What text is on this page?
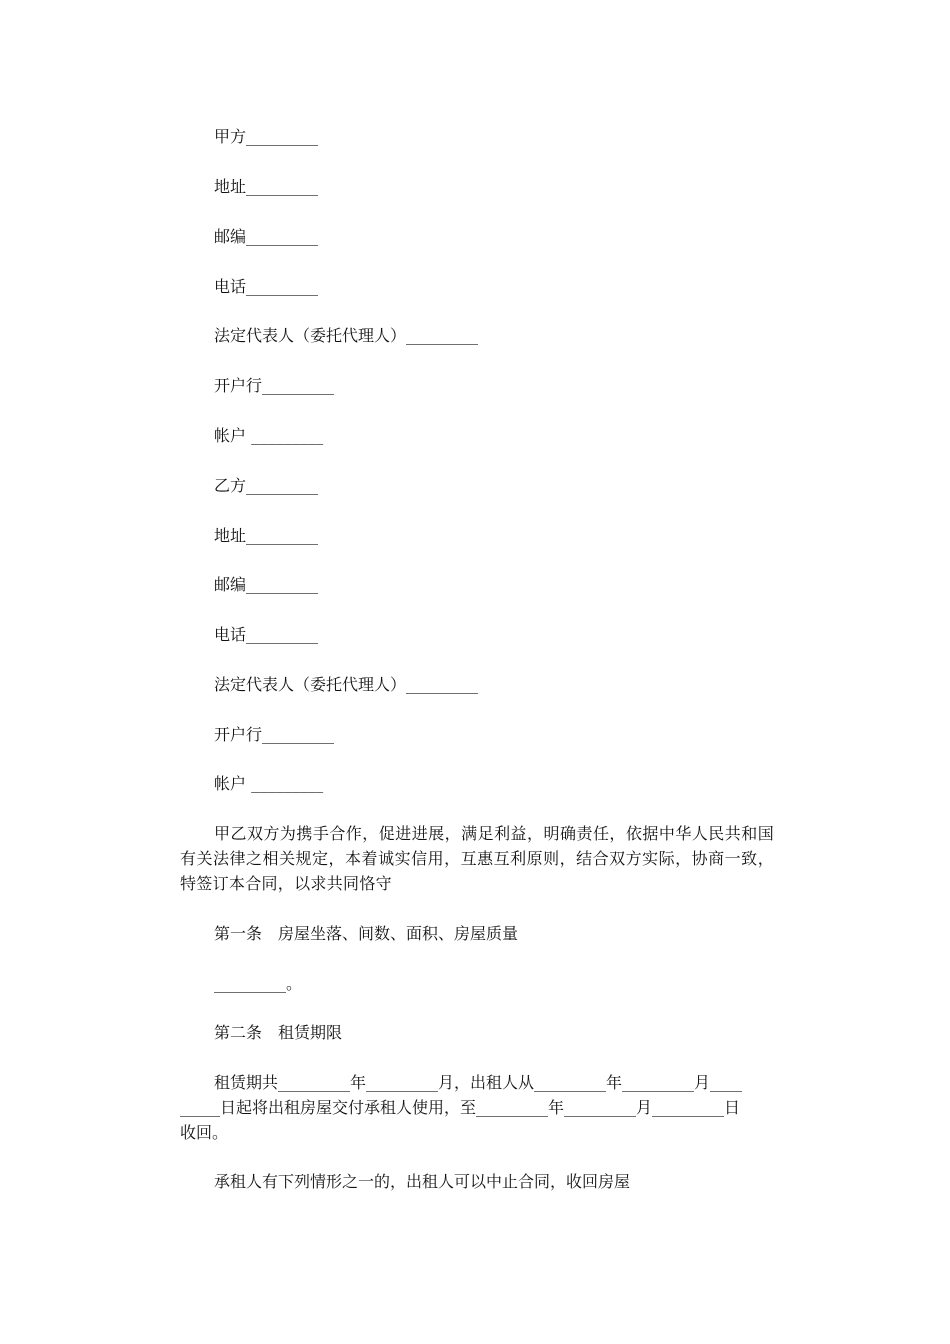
甲方_________
地址_________
邮编_________
电话_________
法定代表人（委托代理人）_________
开户行_________
帐户 _________
乙方_________
地址_________
邮编_________
电话_________
法定代表人（委托代理人）_________
开户行_________
帐户 _________
甲乙双方为携手合作，促进进展，满足利益，明确责任，依据中华人民共和国有关法律之相关规定，本着诚实信用，互惠互利原则，结合双方实际，协商一致，特签订本合同，以求共同恪守
第一条　房屋坐落、间数、面积、房屋质量
_________。
第二条　租赁期限
租赁期共_________年_________月，出租人从_________年_________月____
_____日起将出租房屋交付承租人使用，至_________年_________月_________日
收回。
承租人有下列情形之一的，出租人可以中止合同，收回房屋
